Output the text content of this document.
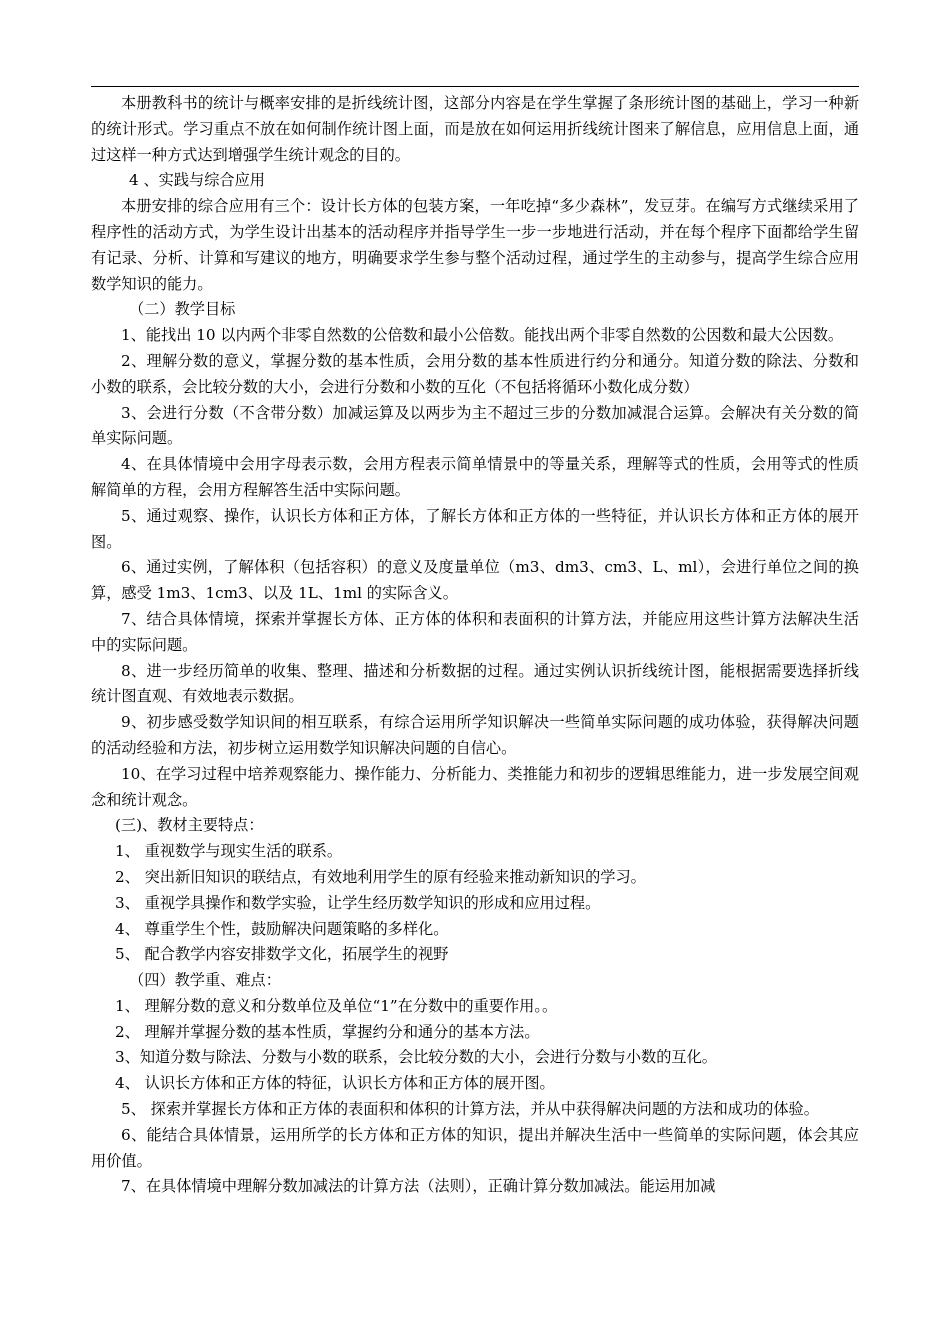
本册教科书的统计与概率安排的是折线统计图，这部分内容是在学生掌握了条形统计图的基础上，学习一种新的统计形式。学习重点不放在如何制作统计图上面，而是放在如何运用折线统计图来了解信息，应用信息上面，通过这样一种方式达到增强学生统计观念的目的。

4 、实践与综合应用

本册安排的综合应用有三个：设计长方体的包装方案，一年吃掉“多少森林”，发豆芽。在编写方式继续采用了程序性的活动方式，为学生设计出基本的活动程序并指导学生一步一步地进行活动，并在每个程序下面都给学生留有记录、分析、计算和写建议的地方，明确要求学生参与整个活动过程，通过学生的主动参与，提高学生综合应用数学知识的能力。

（二）教学目标

1、能找出 10 以内两个非零自然数的公倍数和最小公倍数。能找出两个非零自然数的公因数和最大公因数。

2、理解分数的意义，掌握分数的基本性质，会用分数的基本性质进行约分和通分。知道分数的除法、分数和小数的联系，会比较分数的大小，会进行分数和小数的互化（不包括将循环小数化成分数）

3、会进行分数（不含带分数）加减运算及以两步为主不超过三步的分数加减混合运算。会解决有关分数的简单实际问题。

4、在具体情境中会用字母表示数，会用方程表示简单情景中的等量关系，理解等式的性质，会用等式的性质解简单的方程，会用方程解答生活中实际问题。

5、通过观察、操作，认识长方体和正方体，了解长方体和正方体的一些特征，并认识长方体和正方体的展开图。

6、通过实例，了解体积（包括容积）的意义及度量单位（m3、dm3、cm3、L、ml），会进行单位之间的换算，感受 1m3、1cm3、以及 1L、1ml 的实际含义。

7、结合具体情境，探索并掌握长方体、正方体的体积和表面积的计算方法，并能应用这些计算方法解决生活中的实际问题。

8、进一步经历简单的收集、整理、描述和分析数据的过程。通过实例认识折线统计图，能根据需要选择折线统计图直观、有效地表示数据。

9、初步感受数学知识间的相互联系，有综合运用所学知识解决一些简单实际问题的成功体验，获得解决问题的活动经验和方法，初步树立运用数学知识解决问题的自信心。

10、在学习过程中培养观察能力、操作能力、分析能力、类推能力和初步的逻辑思维能力，进一步发展空间观念和统计观念。

(三)、教材主要特点：

1、 重视数学与现实生活的联系。

2、 突出新旧知识的联结点，有效地利用学生的原有经验来推动新知识的学习。

3、 重视学具操作和数学实验，让学生经历数学知识的形成和应用过程。

4、 尊重学生个性，鼓励解决问题策略的多样化。

5、 配合教学内容安排数学文化，拓展学生的视野

（四）教学重、难点：

1、 理解分数的意义和分数单位及单位“1”在分数中的重要作用。。

2、 理解并掌握分数的基本性质，掌握约分和通分的基本方法。

3、知道分数与除法、分数与小数的联系，会比较分数的大小，会进行分数与小数的互化。

4、 认识长方体和正方体的特征，认识长方体和正方体的展开图。

5、 探索并掌握长方体和正方体的表面积和体积的计算方法，并从中获得解决问题的方法和成功的体验。

6、能结合具体情景，运用所学的长方体和正方体的知识，提出并解决生活中一些简单的实际问题，体会其应用价值。

7、在具体情境中理解分数加减法的计算方法（法则），正确计算分数加减法。能运用加减
